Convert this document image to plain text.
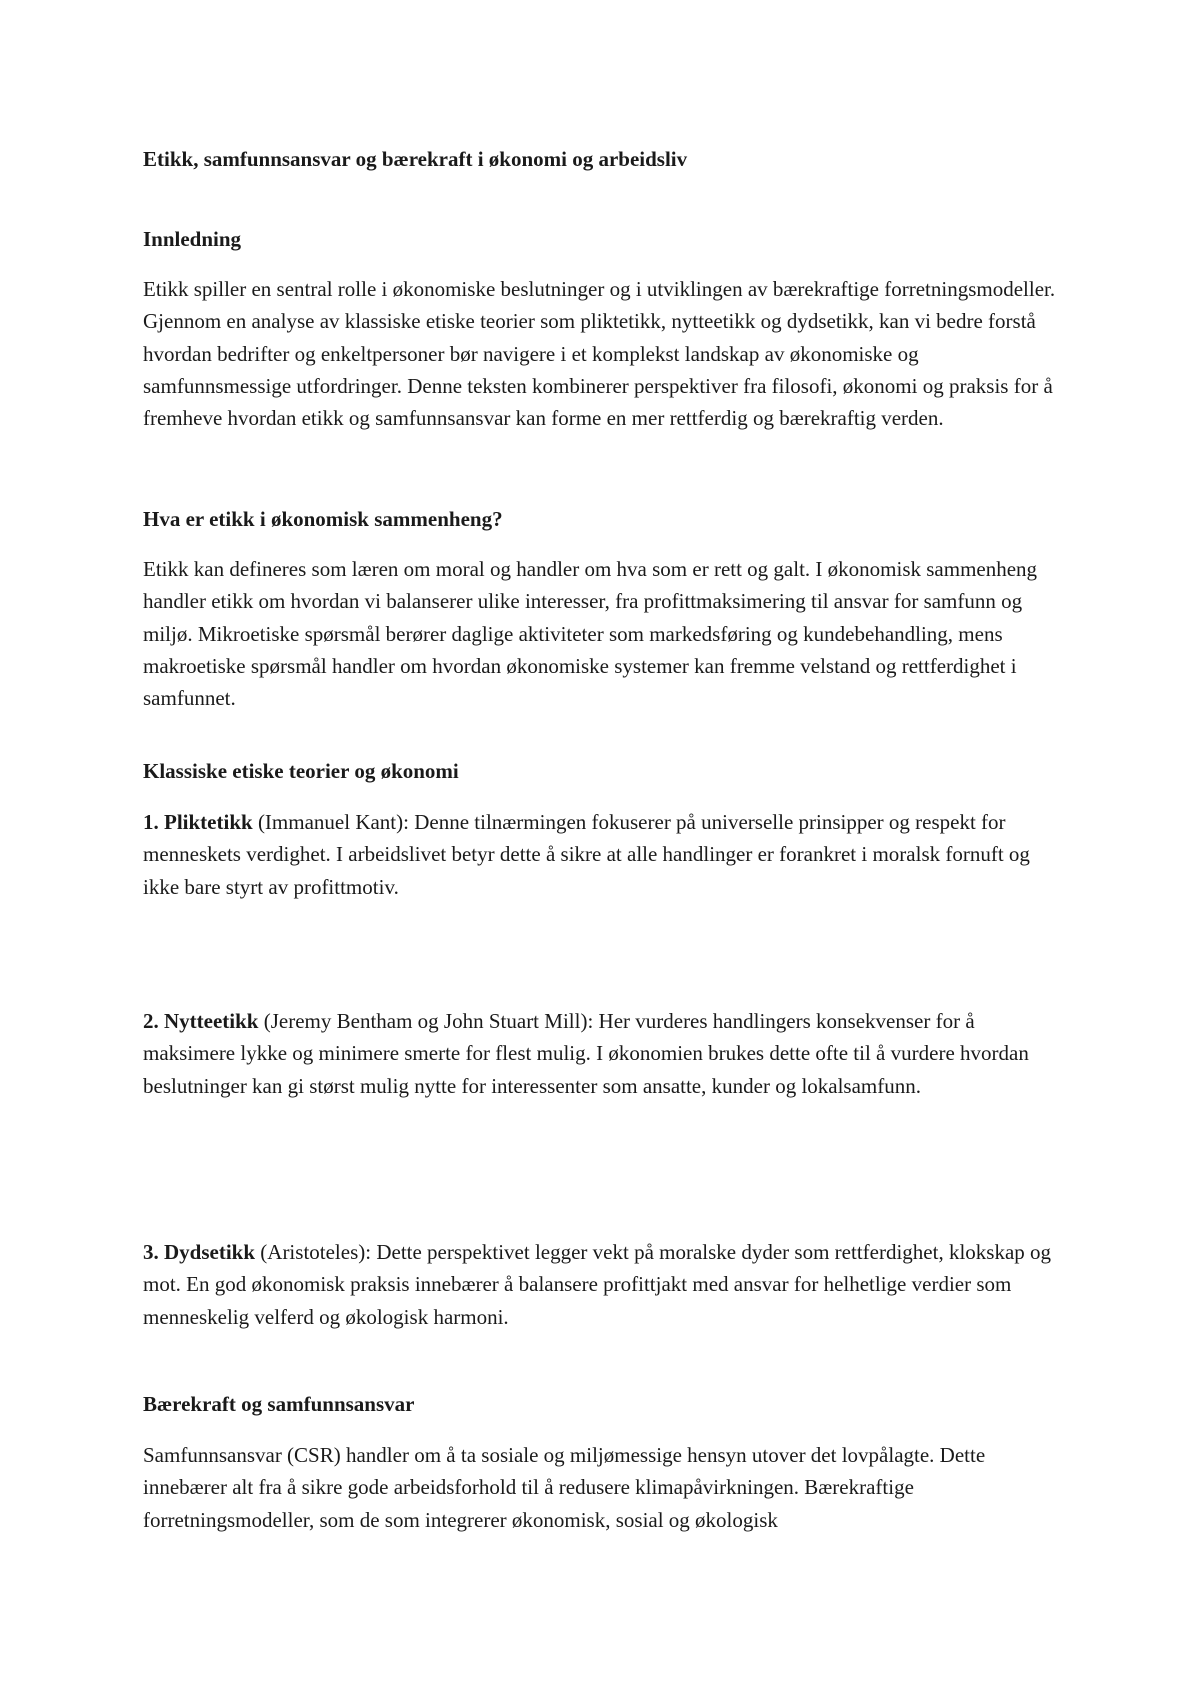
Etikk, samfunnsansvar og bærekraft i økonomi og arbeidsliv
Innledning

Etikk spiller en sentral rolle i økonomiske beslutninger og i utviklingen av bærekraftige forretningsmodeller. Gjennom en analyse av klassiske etiske teorier som pliktetikk, nytteetikk og dydsetikk, kan vi bedre forstå hvordan bedrifter og enkeltpersoner bør navigere i et komplekst landskap av økonomiske og samfunnsmessige utfordringer. Denne teksten kombinerer perspektiver fra filosofi, økonomi og praksis for å fremheve hvordan etikk og samfunnsansvar kan forme en mer rettferdig og bærekraftig verden.

Hva er etikk i økonomisk sammenheng?

Etikk kan defineres som læren om moral og handler om hva som er rett og galt. I økonomisk sammenheng handler etikk om hvordan vi balanserer ulike interesser, fra profittmaksimering til ansvar for samfunn og miljø. Mikroetiske spørsmål berører daglige aktiviteter som markedsføring og kundebehandling, mens makroetiske spørsmål handler om hvordan økonomiske systemer kan fremme velstand og rettferdighet i samfunnet.

Klassiske etiske teorier og økonomi

1. Pliktetikk (Immanuel Kant): Denne tilnærmingen fokuserer på universelle prinsipper og respekt for menneskets verdighet. I arbeidslivet betyr dette å sikre at alle handlinger er forankret i moralsk fornuft og ikke bare styrt av profittmotiv.

2. Nytteetikk (Jeremy Bentham og John Stuart Mill): Her vurderes handlingers konsekvenser for å maksimere lykke og minimere smerte for flest mulig. I økonomien brukes dette ofte til å vurdere hvordan beslutninger kan gi størst mulig nytte for interessenter som ansatte, kunder og lokalsamfunn.

3. Dydsetikk (Aristoteles): Dette perspektivet legger vekt på moralske dyder som rettferdighet, klokskap og mot. En god økonomisk praksis innebærer å balansere profittjakt med ansvar for helhetlige verdier som menneskelig velferd og økologisk harmoni.

Bærekraft og samfunnsansvar

Samfunnsansvar (CSR) handler om å ta sosiale og miljømessige hensyn utover det lovpålagte. Dette innebærer alt fra å sikre gode arbeidsforhold til å redusere klimapåvirkningen. Bærekraftige forretningsmodeller, som de som integrerer økonomisk, sosial og økologisk
